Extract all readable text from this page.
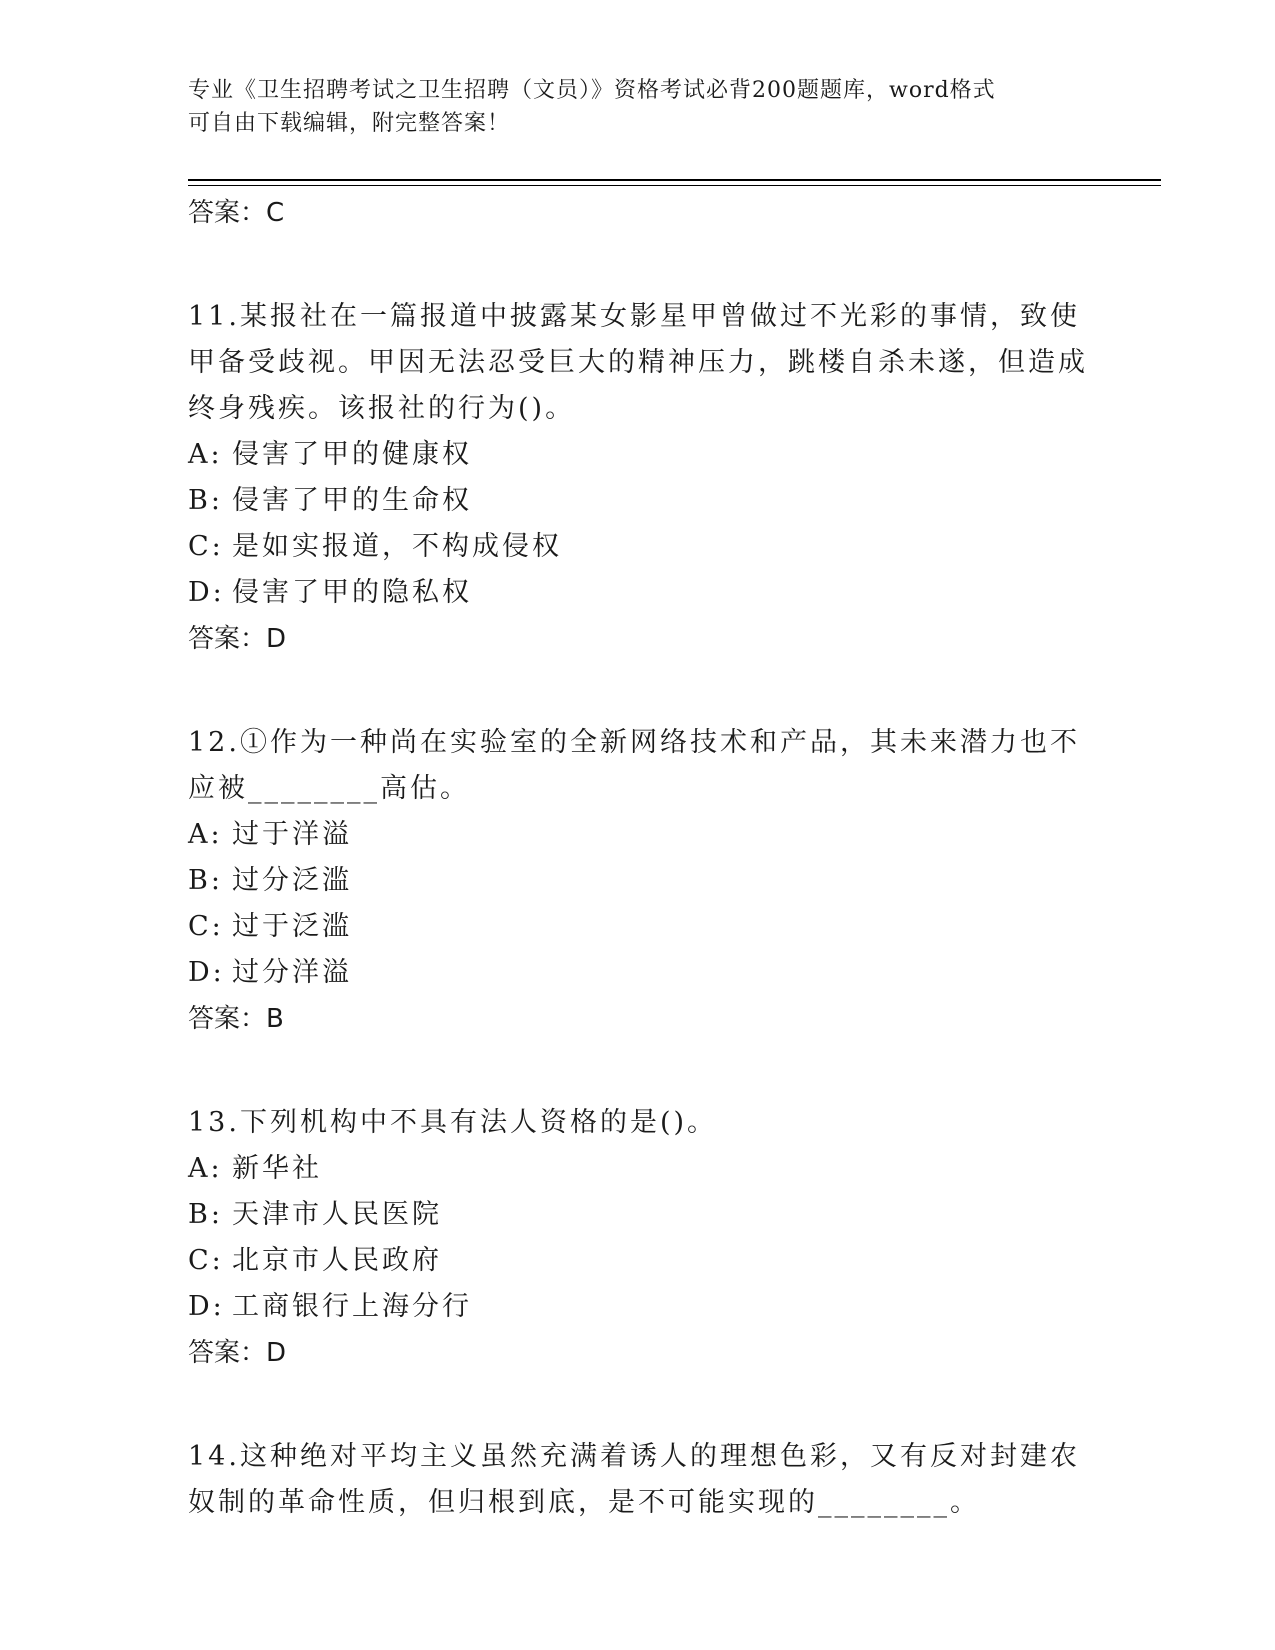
专业《卫生招聘考试之卫生招聘（文员）》资格考试必背200题题库，word格式
可自由下载编辑，附完整答案！

答案：C

11.某报社在一篇报道中披露某女影星甲曾做过不光彩的事情，致使甲备受歧视。甲因无法忍受巨大的精神压力，跳楼自杀未遂，但造成终身残疾。该报社的行为()。

A: 侵害了甲的健康权

B: 侵害了甲的生命权

C: 是如实报道，不构成侵权

D: 侵害了甲的隐私权

答案：D

12.①作为一种尚在实验室的全新网络技术和产品，其未来潜力也不应被________高估。

A: 过于洋溢

B: 过分泛滥

C: 过于泛滥

D: 过分洋溢

答案：B

13.下列机构中不具有法人资格的是()。

A: 新华社

B: 天津市人民医院

C: 北京市人民政府

D: 工商银行上海分行

答案：D

14.这种绝对平均主义虽然充满着诱人的理想色彩，又有反对封建农奴制的革命性质，但归根到底，是不可能实现的________。
